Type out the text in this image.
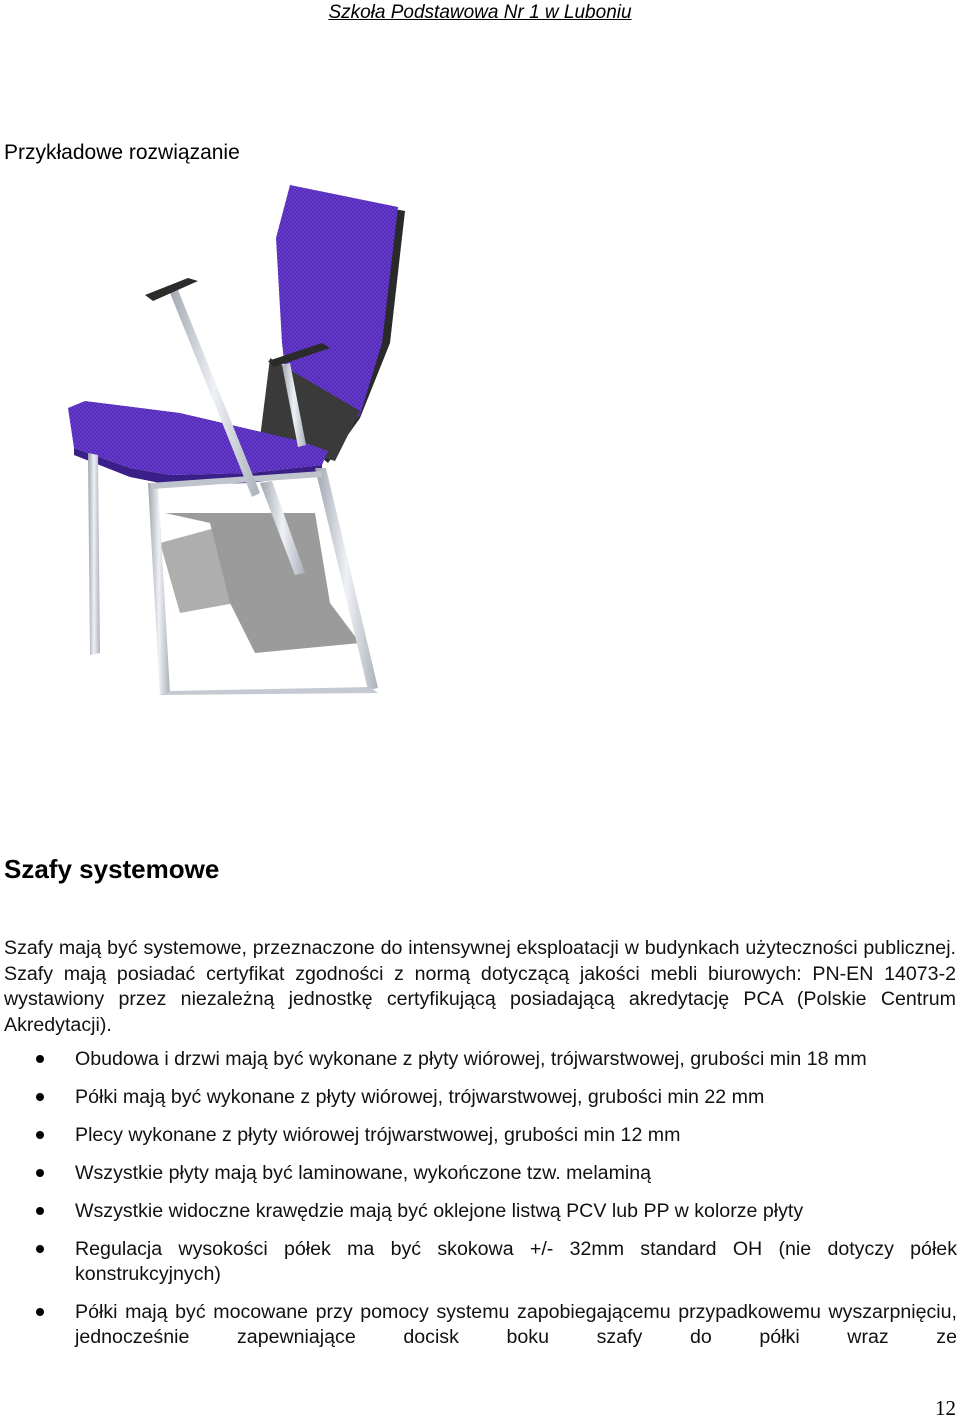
Szkoła Podstawowa Nr 1 w Luboniu
Przykładowe rozwiązanie
Szafy systemowe

Szafy mają być systemowe, przeznaczone do intensywnej eksploatacji w budynkach użyteczności publicznej. Szafy mają posiadać certyfikat zgodności z normą dotyczącą jakości mebli biurowych: PN-EN 14073-2 wystawiony przez niezależną jednostkę certyfikującą posiadającą akredytację PCA (Polskie Centrum Akredytacji).

Obudowa i drzwi mają być wykonane z płyty wiórowej, trójwarstwowej, grubości min 18 mm
Półki mają być wykonane z płyty wiórowej, trójwarstwowej, grubości min 22 mm
Plecy wykonane z płyty wiórowej trójwarstwowej, grubości min 12 mm
Wszystkie płyty mają być laminowane, wykończone tzw. melaminą
Wszystkie widoczne krawędzie mają być oklejone listwą PCV lub PP w kolorze płyty
Regulacja wysokości półek ma być skokowa +/- 32mm standard OH (nie dotyczy półek konstrukcyjnych)
Półki mają być mocowane przy pomocy systemu zapobiegającemu przypadkowemu wyszarpnięciu, jednocześnie zapewniające docisk boku szafy do półki wraz ze
12
